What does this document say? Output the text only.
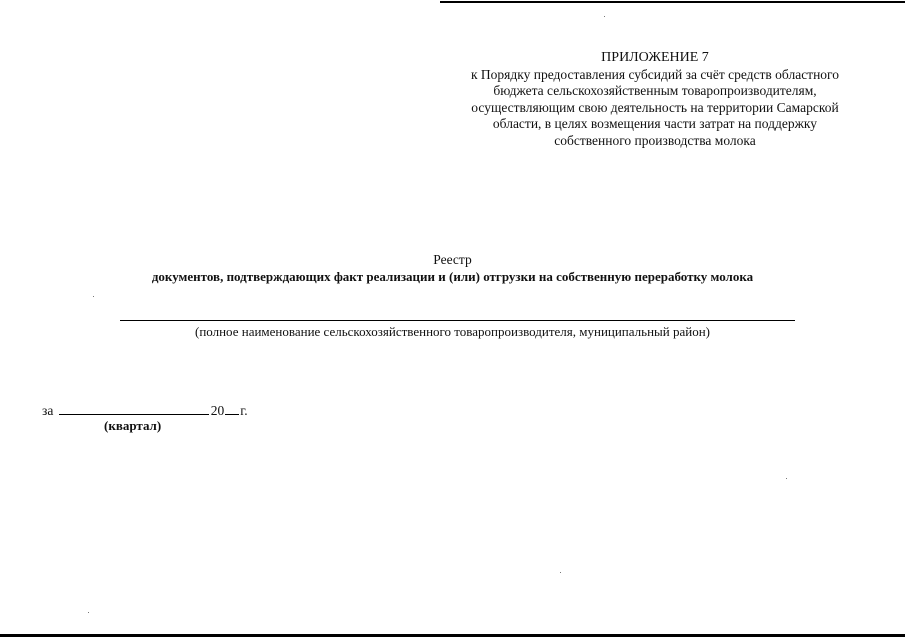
ПРИЛОЖЕНИЕ 7
к Порядку предоставления субсидий за счёт средств областного
бюджета сельскохозяйственным товаропроизводителям,
осуществляющим свою деятельность на территории Самарской
области, в целях возмещения части затрат на поддержку
собственного производства молока
Реестр
документов, подтверждающих факт реализации и (или) отгрузки на собственную переработку молока
(полное наименование сельскохозяйственного товаропроизводителя, муниципальный район)
за	20 г.
(квартал)
